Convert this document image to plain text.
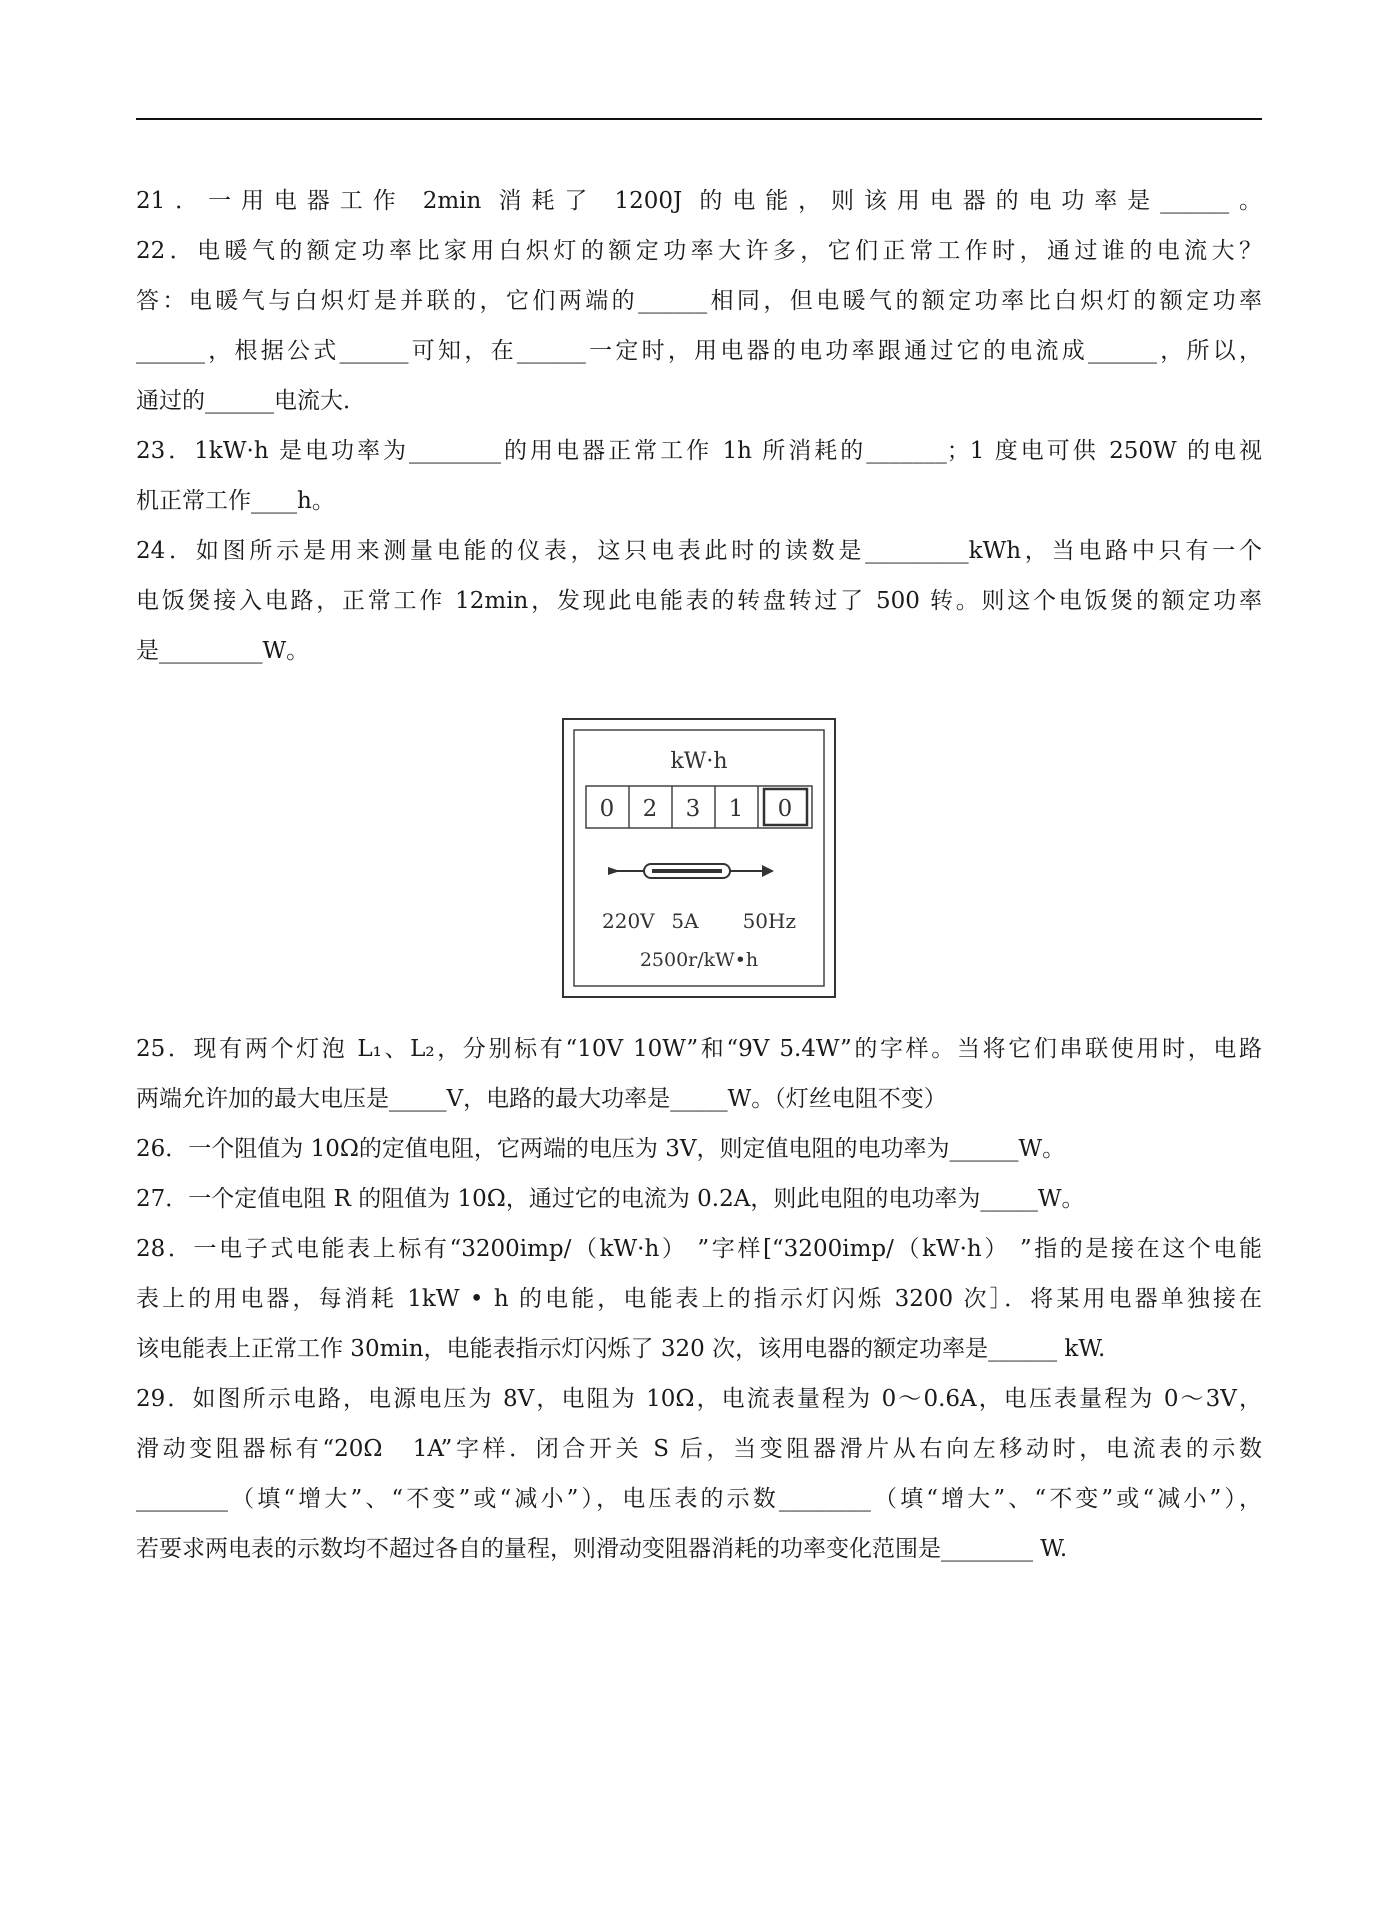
21．一用电器工作 2min 消耗了 1200J 的电能，则该用电器的电功率是______。
22．电暖气的额定功率比家用白炽灯的额定功率大许多，它们正常工作时，通过谁的电流大？
答：电暖气与白炽灯是并联的，它们两端的______相同，但电暖气的额定功率比白炽灯的额定功率
______，根据公式______可知，在______一定时，用电器的电功率跟通过它的电流成______，所以，
通过的______电流大．
23．1kW·h 是电功率为________的用电器正常工作 1h 所消耗的_______；1 度电可供 250W 的电视
机正常工作____h。
24．如图所示是用来测量电能的仪表，这只电表此时的读数是_________kWh，当电路中只有一个
电饭煲接入电路，正常工作 12min，发现此电能表的转盘转过了 500 转。则这个电饭煲的额定功率
是_________W。
kW·h
0 2 3 1 0
220V 5A 50Hz
2500r/kW•h
25．现有两个灯泡 L₁、L₂，分别标有“10V 10W”和“9V 5.4W”的字样。当将它们串联使用时，电路
两端允许加的最大电压是_____V，电路的最大功率是_____W。（灯丝电阻不变）
26．一个阻值为 10Ω的定值电阻，它两端的电压为 3V，则定值电阻的电功率为______W。
27．一个定值电阻 R 的阻值为 10Ω，通过它的电流为 0.2A，则此电阻的电功率为_____W。
28．一电子式电能表上标有“3200imp/（kW·h） ”字样[“3200imp/（kW·h） ”指的是接在这个电能
表上的用电器，每消耗 1kW • h 的电能，电能表上的指示灯闪烁 3200 次］．将某用电器单独接在
该电能表上正常工作 30min，电能表指示灯闪烁了 320 次，该用电器的额定功率是______ kW.
29．如图所示电路，电源电压为 8V，电阻为 10Ω，电流表量程为 0～0.6A，电压表量程为 0～3V，
滑动变阻器标有“20Ω　1A”字样．闭合开关 S 后，当变阻器滑片从右向左移动时，电流表的示数
________（填“增大”、“不变”或“减小”），电压表的示数________（填“增大”、“不变”或“减小”），
若要求两电表的示数均不超过各自的量程，则滑动变阻器消耗的功率变化范围是________ W.
